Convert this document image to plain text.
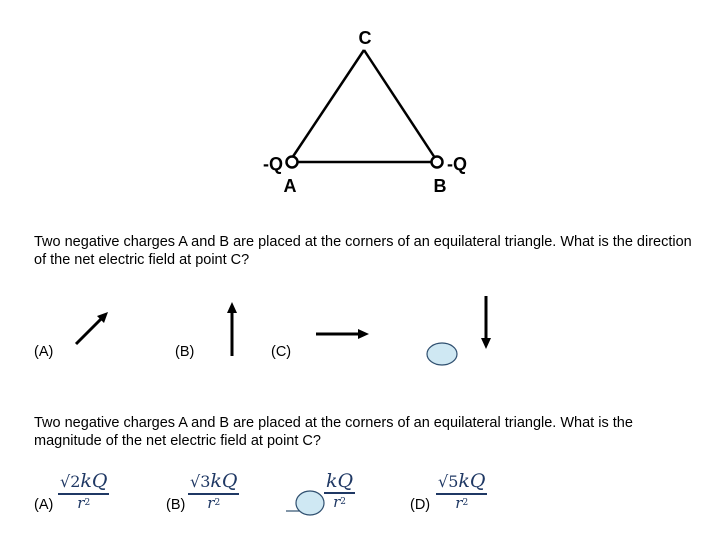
C
A	B
-Q	-Q
Two negative charges A and B are placed at the corners of an equilateral triangle. What is the direction of the net electric field at point C?
(A)	(B)	(C)
Two negative charges A and B are placed at the corners of an equilateral triangle. What is the magnitude of the net electric field at point C?
(A)
√2kQ
$r^2$	(B)
√3kQ
$r^2$
kQ
$r^2$	(D)
√5kQ
$r^2$
